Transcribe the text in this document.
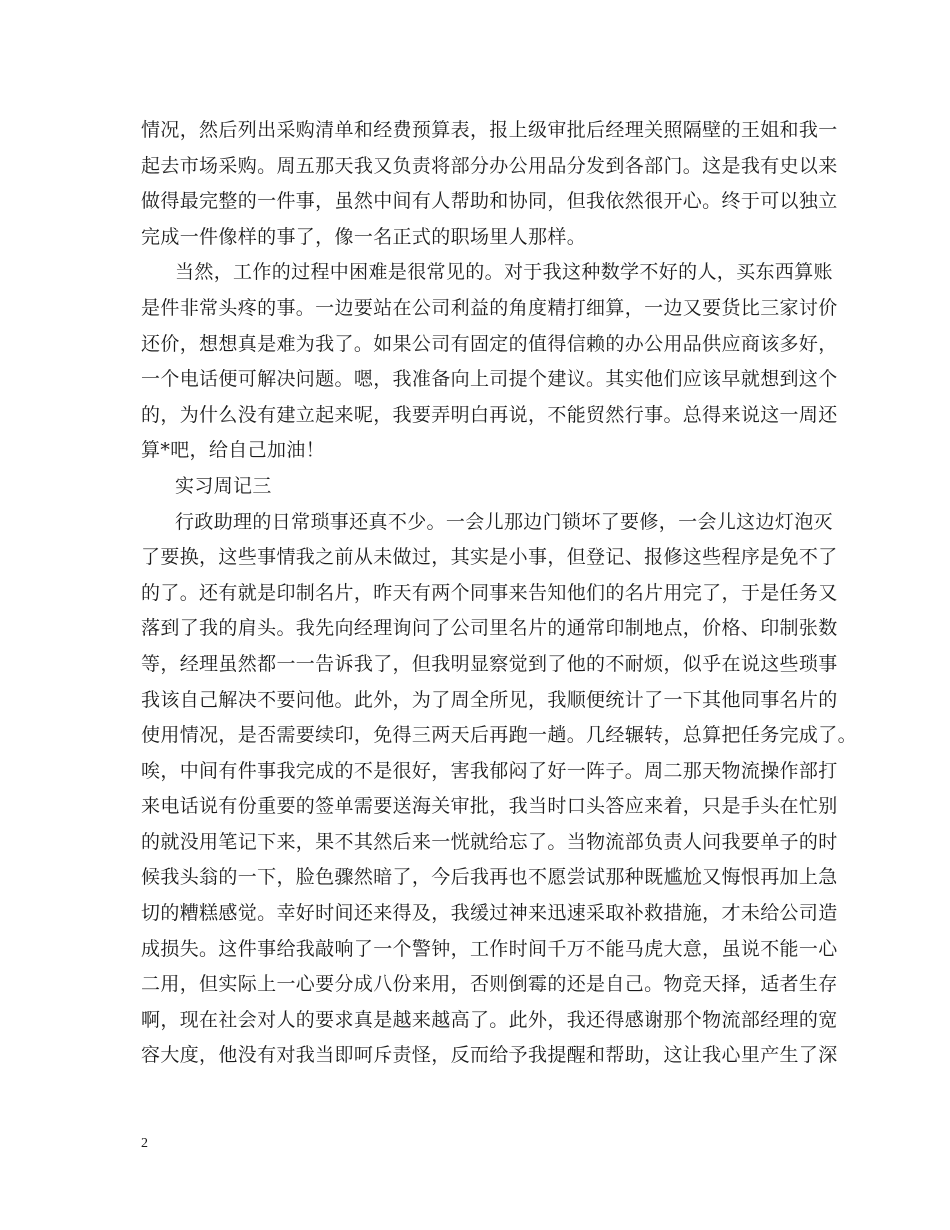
情况，然后列出采购清单和经费预算表，报上级审批后经理关照隔壁的王姐和我一
起去市场采购。周五那天我又负责将部分办公用品分发到各部门。这是我有史以来
做得最完整的一件事，虽然中间有人帮助和协同，但我依然很开心。终于可以独立
完成一件像样的事了，像一名正式的职场里人那样。
当然，工作的过程中困难是很常见的。对于我这种数学不好的人，买东西算账
是件非常头疼的事。一边要站在公司利益的角度精打细算，一边又要货比三家讨价
还价，想想真是难为我了。如果公司有固定的值得信赖的办公用品供应商该多好，
一个电话便可解决问题。嗯，我准备向上司提个建议。其实他们应该早就想到这个
的，为什么没有建立起来呢，我要弄明白再说，不能贸然行事。总得来说这一周还
算*吧，给自己加油！
实习周记三
行政助理的日常琐事还真不少。一会儿那边门锁坏了要修，一会儿这边灯泡灭
了要换，这些事情我之前从未做过，其实是小事，但登记、报修这些程序是免不了
的了。还有就是印制名片，昨天有两个同事来告知他们的名片用完了，于是任务又
落到了我的肩头。我先向经理询问了公司里名片的通常印制地点，价格、印制张数
等，经理虽然都一一告诉我了，但我明显察觉到了他的不耐烦，似乎在说这些琐事
我该自己解决不要问他。此外，为了周全所见，我顺便统计了一下其他同事名片的
使用情况，是否需要续印，免得三两天后再跑一趟。几经辗转，总算把任务完成了。
唉，中间有件事我完成的不是很好，害我郁闷了好一阵子。周二那天物流操作部打
来电话说有份重要的签单需要送海关审批，我当时口头答应来着，只是手头在忙别
的就没用笔记下来，果不其然后来一恍就给忘了。当物流部负责人问我要单子的时
候我头翁的一下，脸色骤然暗了，今后我再也不愿尝试那种既尴尬又悔恨再加上急
切的糟糕感觉。幸好时间还来得及，我缓过神来迅速采取补救措施，才未给公司造
成损失。这件事给我敲响了一个警钟，工作时间千万不能马虎大意，虽说不能一心
二用，但实际上一心要分成八份来用，否则倒霉的还是自己。物竞天择，适者生存
啊，现在社会对人的要求真是越来越高了。此外，我还得感谢那个物流部经理的宽
容大度，他没有对我当即呵斥责怪，反而给予我提醒和帮助，这让我心里产生了深
2
